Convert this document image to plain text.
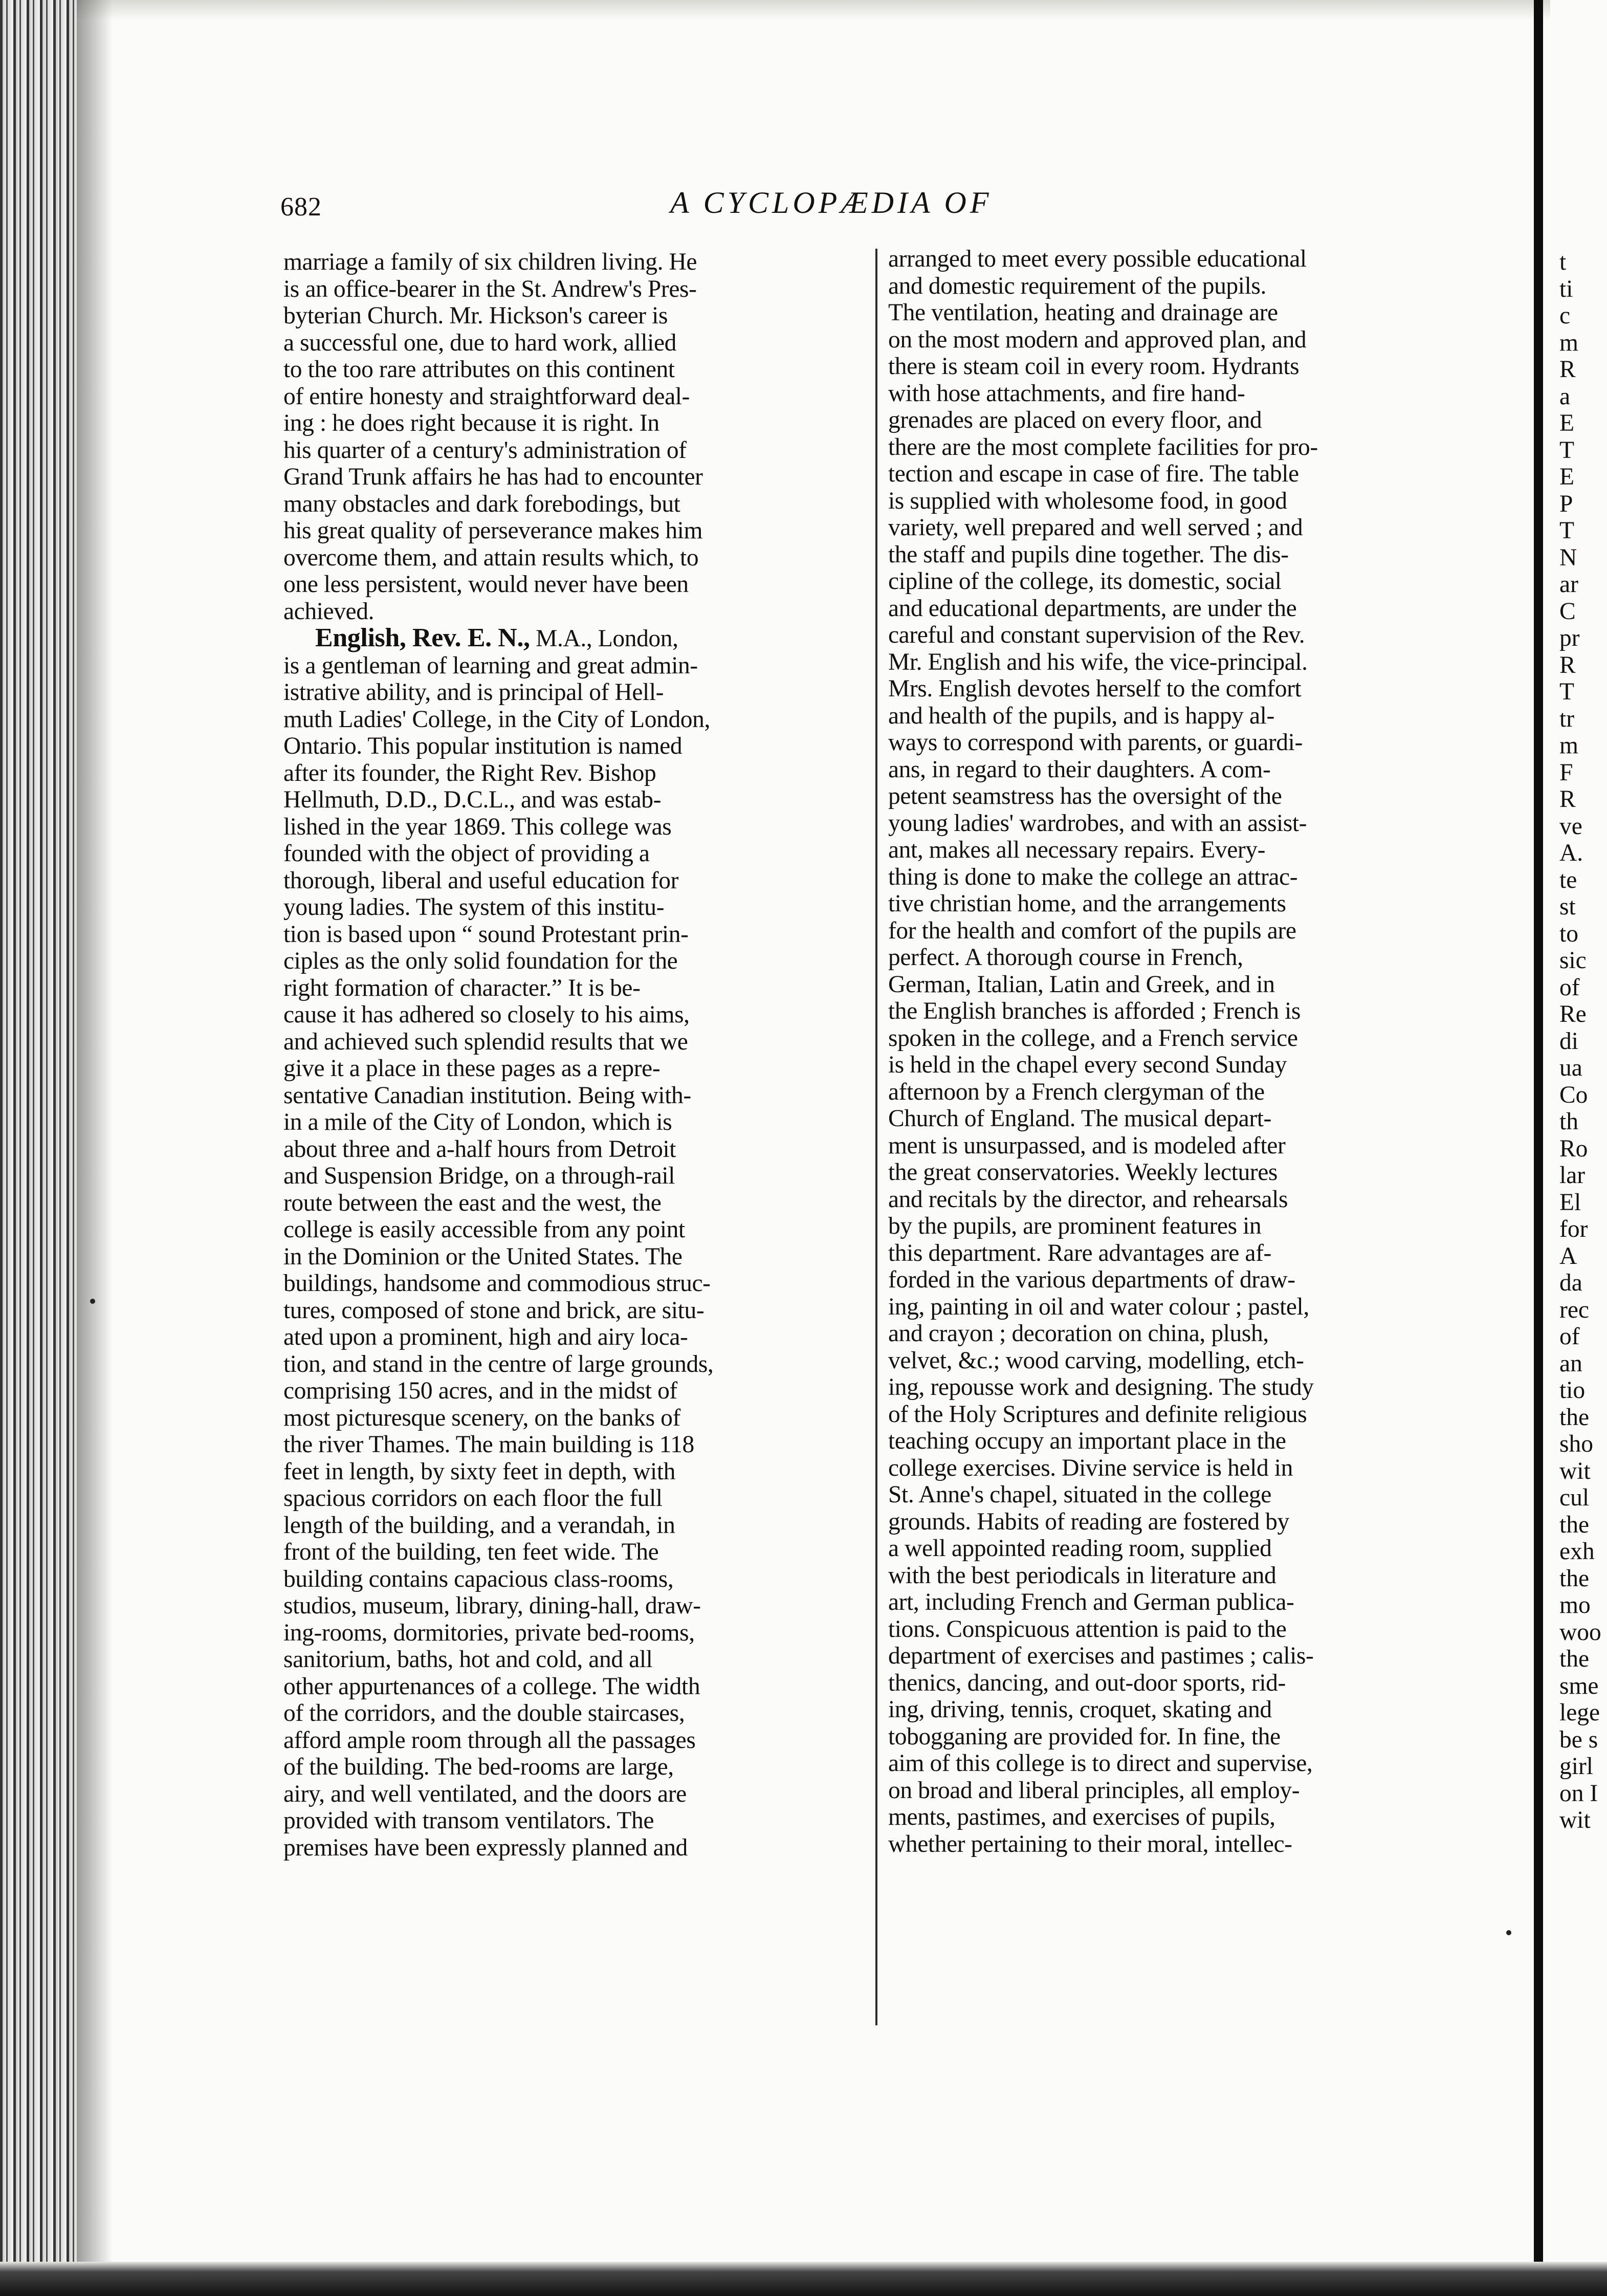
682	A CYCLOPÆDIA OF
marriage a family of six children living. He
is an office-bearer in the St. Andrew's Pres-
byterian Church. Mr. Hickson's career is
a successful one, due to hard work, allied
to the too rare attributes on this continent
of entire honesty and straightforward deal-
ing : he does right because it is right. In
his quarter of a century's administration of
Grand Trunk affairs he has had to encounter
many obstacles and dark forebodings, but
his great quality of perseverance makes him
overcome them, and attain results which, to
one less persistent, would never have been
achieved.
English, Rev. E. N., M.A., London,
is a gentleman of learning and great admin-
istrative ability, and is principal of Hell-
muth Ladies' College, in the City of London,
Ontario. This popular institution is named
after its founder, the Right Rev. Bishop
Hellmuth, D.D., D.C.L., and was estab-
lished in the year 1869. This college was
founded with the object of providing a
thorough, liberal and useful education for
young ladies. The system of this institu-
tion is based upon “ sound Protestant prin-
ciples as the only solid foundation for the
right formation of character.” It is be-
cause it has adhered so closely to his aims,
and achieved such splendid results that we
give it a place in these pages as a repre-
sentative Canadian institution. Being with-
in a mile of the City of London, which is
about three and a-half hours from Detroit
and Suspension Bridge, on a through-rail
route between the east and the west, the
college is easily accessible from any point
in the Dominion or the United States. The
buildings, handsome and commodious struc-
tures, composed of stone and brick, are situ-
ated upon a prominent, high and airy loca-
tion, and stand in the centre of large grounds,
comprising 150 acres, and in the midst of
most picturesque scenery, on the banks of
the river Thames. The main building is 118
feet in length, by sixty feet in depth, with
spacious corridors on each floor the full
length of the building, and a verandah, in
front of the building, ten feet wide. The
building contains capacious class-rooms,
studios, museum, library, dining-hall, draw-
ing-rooms, dormitories, private bed-rooms,
sanitorium, baths, hot and cold, and all
other appurtenances of a college. The width
of the corridors, and the double staircases,
afford ample room through all the passages
of the building. The bed-rooms are large,
airy, and well ventilated, and the doors are
provided with transom ventilators. The
premises have been expressly planned and
arranged to meet every possible educational
and domestic requirement of the pupils.
The ventilation, heating and drainage are
on the most modern and approved plan, and
there is steam coil in every room. Hydrants
with hose attachments, and fire hand-
grenades are placed on every floor, and
there are the most complete facilities for pro-
tection and escape in case of fire. The table
is supplied with wholesome food, in good
variety, well prepared and well served ; and
the staff and pupils dine together. The dis-
cipline of the college, its domestic, social
and educational departments, are under the
careful and constant supervision of the Rev.
Mr. English and his wife, the vice-principal.
Mrs. English devotes herself to the comfort
and health of the pupils, and is happy al-
ways to correspond with parents, or guardi-
ans, in regard to their daughters. A com-
petent seamstress has the oversight of the
young ladies' wardrobes, and with an assist-
ant, makes all necessary repairs. Every-
thing is done to make the college an attrac-
tive christian home, and the arrangements
for the health and comfort of the pupils are
perfect. A thorough course in French,
German, Italian, Latin and Greek, and in
the English branches is afforded ; French is
spoken in the college, and a French service
is held in the chapel every second Sunday
afternoon by a French clergyman of the
Church of England. The musical depart-
ment is unsurpassed, and is modeled after
the great conservatories. Weekly lectures
and recitals by the director, and rehearsals
by the pupils, are prominent features in
this department. Rare advantages are af-
forded in the various departments of draw-
ing, painting in oil and water colour ; pastel,
and crayon ; decoration on china, plush,
velvet, &c.; wood carving, modelling, etch-
ing, repousse work and designing. The study
of the Holy Scriptures and definite religious
teaching occupy an important place in the
college exercises. Divine service is held in
St. Anne's chapel, situated in the college
grounds. Habits of reading are fostered by
a well appointed reading room, supplied
with the best periodicals in literature and
art, including French and German publica-
tions. Conspicuous attention is paid to the
department of exercises and pastimes ; calis-
thenics, dancing, and out-door sports, rid-
ing, driving, tennis, croquet, skating and
tobogganing are provided for. In fine, the
aim of this college is to direct and supervise,
on broad and liberal principles, all employ-
ments, pastimes, and exercises of pupils,
whether pertaining to their moral, intellec-
t
ti
c
m
R
a
E
T
E
P
T
N
ar
C
pr
R
T
tr
m
F
R
ve
A.
te
st
to
sic
of
Re
di
ua
Co
th
Ro
lar
El
for
A
da
rec
of
an
tio
the
sho
wit
cul
the
exh
the
mo
woo
the
sme
lege
be s
girl
on I
wit
